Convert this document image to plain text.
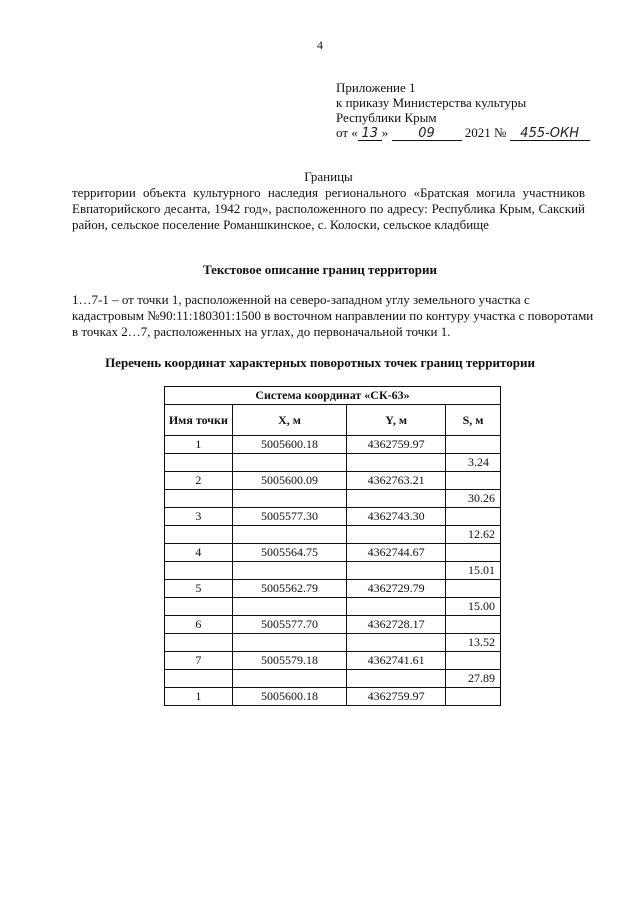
4
Приложение 1
к приказу Министерства культуры
Республики Крым
от « 13 » 09 2021 № 455-ОКН
Границы
территории объекта культурного наследия регионального «Братская могила участников Евпаторийского десанта, 1942 год», расположенного по адресу: Республика Крым, Сакский район, сельское поселение Романшкинское, с. Колоски, сельское кладбище
Текстовое описание границ территории
1…7-1 – от точки 1, расположенной на северо-западном углу земельного участка с кадастровым №90:11:180301:1500 в восточном направлении по контуру участка с поворотами в точках 2…7, расположенных на углах, до первоначальной точки 1.
Перечень координат характерных поворотных точек границ территории
Система координат «СК-63»			
Имя точки	X, м	Y, м	S, м
1	5005600.18	4362759.97	
			3.24
2	5005600.09	4362763.21	
			30.26
3	5005577.30	4362743.30	
			12.62
4	5005564.75	4362744.67	
			15.01
5	5005562.79	4362729.79	
			15.00
6	5005577.70	4362728.17	
			13.52
7	5005579.18	4362741.61	
			27.89
1	5005600.18	4362759.97	
